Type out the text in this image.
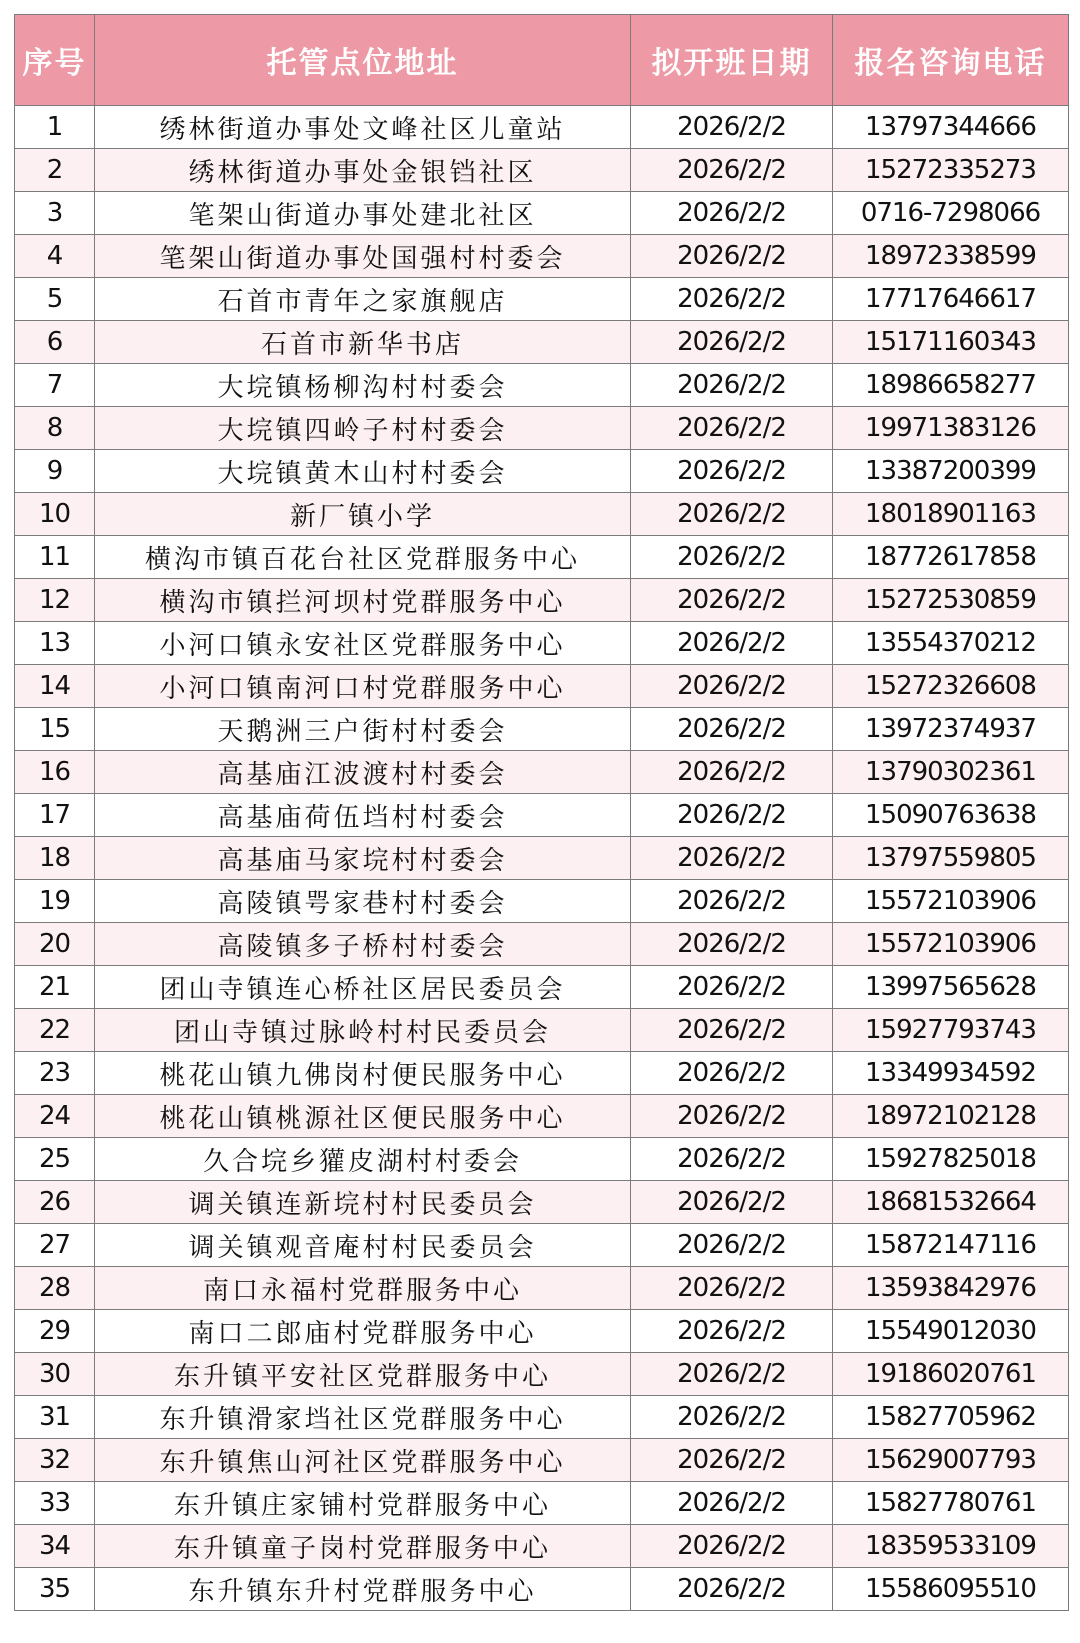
序号	托管点位地址	拟开班日期	报名咨询电话
1	绣林街道办事处文峰社区儿童站	2026/2/2	13797344666
2	绣林街道办事处金银铛社区	2026/2/2	15272335273
3	笔架山街道办事处建北社区	2026/2/2	0716-7298066
4	笔架山街道办事处国强村村委会	2026/2/2	18972338599
5	石首市青年之家旗舰店	2026/2/2	17717646617
6	石首市新华书店	2026/2/2	15171160343
7	大垸镇杨柳沟村村委会	2026/2/2	18986658277
8	大垸镇四岭子村村委会	2026/2/2	19971383126
9	大垸镇黄木山村村委会	2026/2/2	13387200399
10	新厂镇小学	2026/2/2	18018901163
11	横沟市镇百花台社区党群服务中心	2026/2/2	18772617858
12	横沟市镇拦河坝村党群服务中心	2026/2/2	15272530859
13	小河口镇永安社区党群服务中心	2026/2/2	13554370212
14	小河口镇南河口村党群服务中心	2026/2/2	15272326608
15	天鹅洲三户街村村委会	2026/2/2	13972374937
16	高基庙江波渡村村委会	2026/2/2	13790302361
17	高基庙荷伍垱村村委会	2026/2/2	15090763638
18	高基庙马家垸村村委会	2026/2/2	13797559805
19	高陵镇咢家巷村村委会	2026/2/2	15572103906
20	高陵镇多子桥村村委会	2026/2/2	15572103906
21	团山寺镇连心桥社区居民委员会	2026/2/2	13997565628
22	团山寺镇过脉岭村村民委员会	2026/2/2	15927793743
23	桃花山镇九佛岗村便民服务中心	2026/2/2	13349934592
24	桃花山镇桃源社区便民服务中心	2026/2/2	18972102128
25	久合垸乡獾皮湖村村委会	2026/2/2	15927825018
26	调关镇连新垸村村民委员会	2026/2/2	18681532664
27	调关镇观音庵村村民委员会	2026/2/2	15872147116
28	南口永福村党群服务中心	2026/2/2	13593842976
29	南口二郎庙村党群服务中心	2026/2/2	15549012030
30	东升镇平安社区党群服务中心	2026/2/2	19186020761
31	东升镇滑家垱社区党群服务中心	2026/2/2	15827705962
32	东升镇焦山河社区党群服务中心	2026/2/2	15629007793
33	东升镇庄家铺村党群服务中心	2026/2/2	15827780761
34	东升镇童子岗村党群服务中心	2026/2/2	18359533109
35	东升镇东升村党群服务中心	2026/2/2	15586095510
